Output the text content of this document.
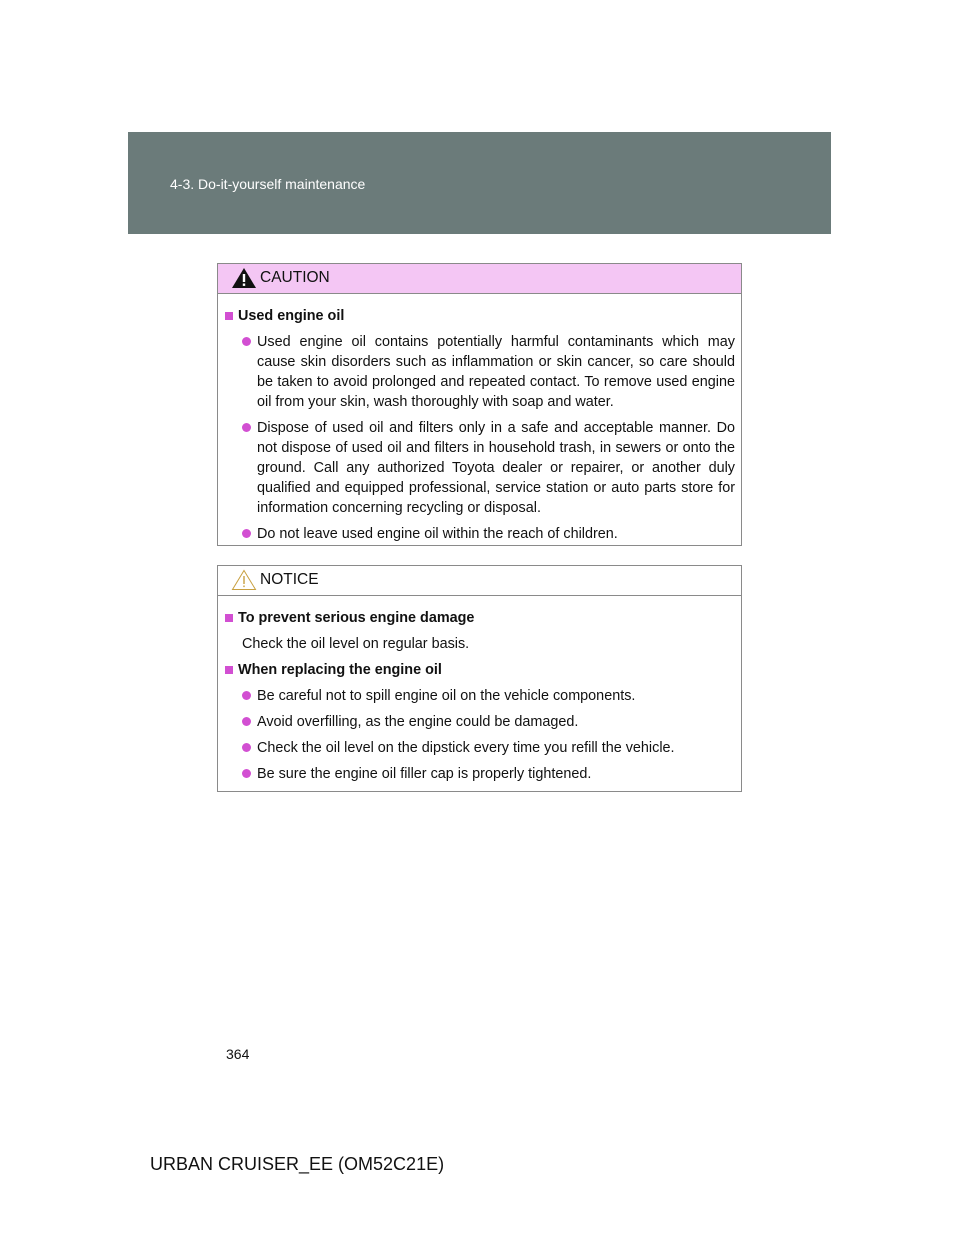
4-3. Do-it-yourself maintenance
CAUTION
Used engine oil
Used engine oil contains potentially harmful contaminants which may cause skin disorders such as inflammation or skin cancer, so care should be taken to avoid prolonged and repeated contact. To remove used engine oil from your skin, wash thoroughly with soap and water.
Dispose of used oil and filters only in a safe and acceptable manner. Do not dispose of used oil and filters in household trash, in sewers or onto the ground. Call any authorized Toyota dealer or repairer, or another duly qualified and equipped professional, service station or auto parts store for information concerning recycling or disposal.
Do not leave used engine oil within the reach of children.
NOTICE
To prevent serious engine damage
Check the oil level on regular basis.
When replacing the engine oil
Be careful not to spill engine oil on the vehicle components.
Avoid overfilling, as the engine could be damaged.
Check the oil level on the dipstick every time you refill the vehicle.
Be sure the engine oil filler cap is properly tightened.
364
URBAN CRUISER_EE (OM52C21E)
